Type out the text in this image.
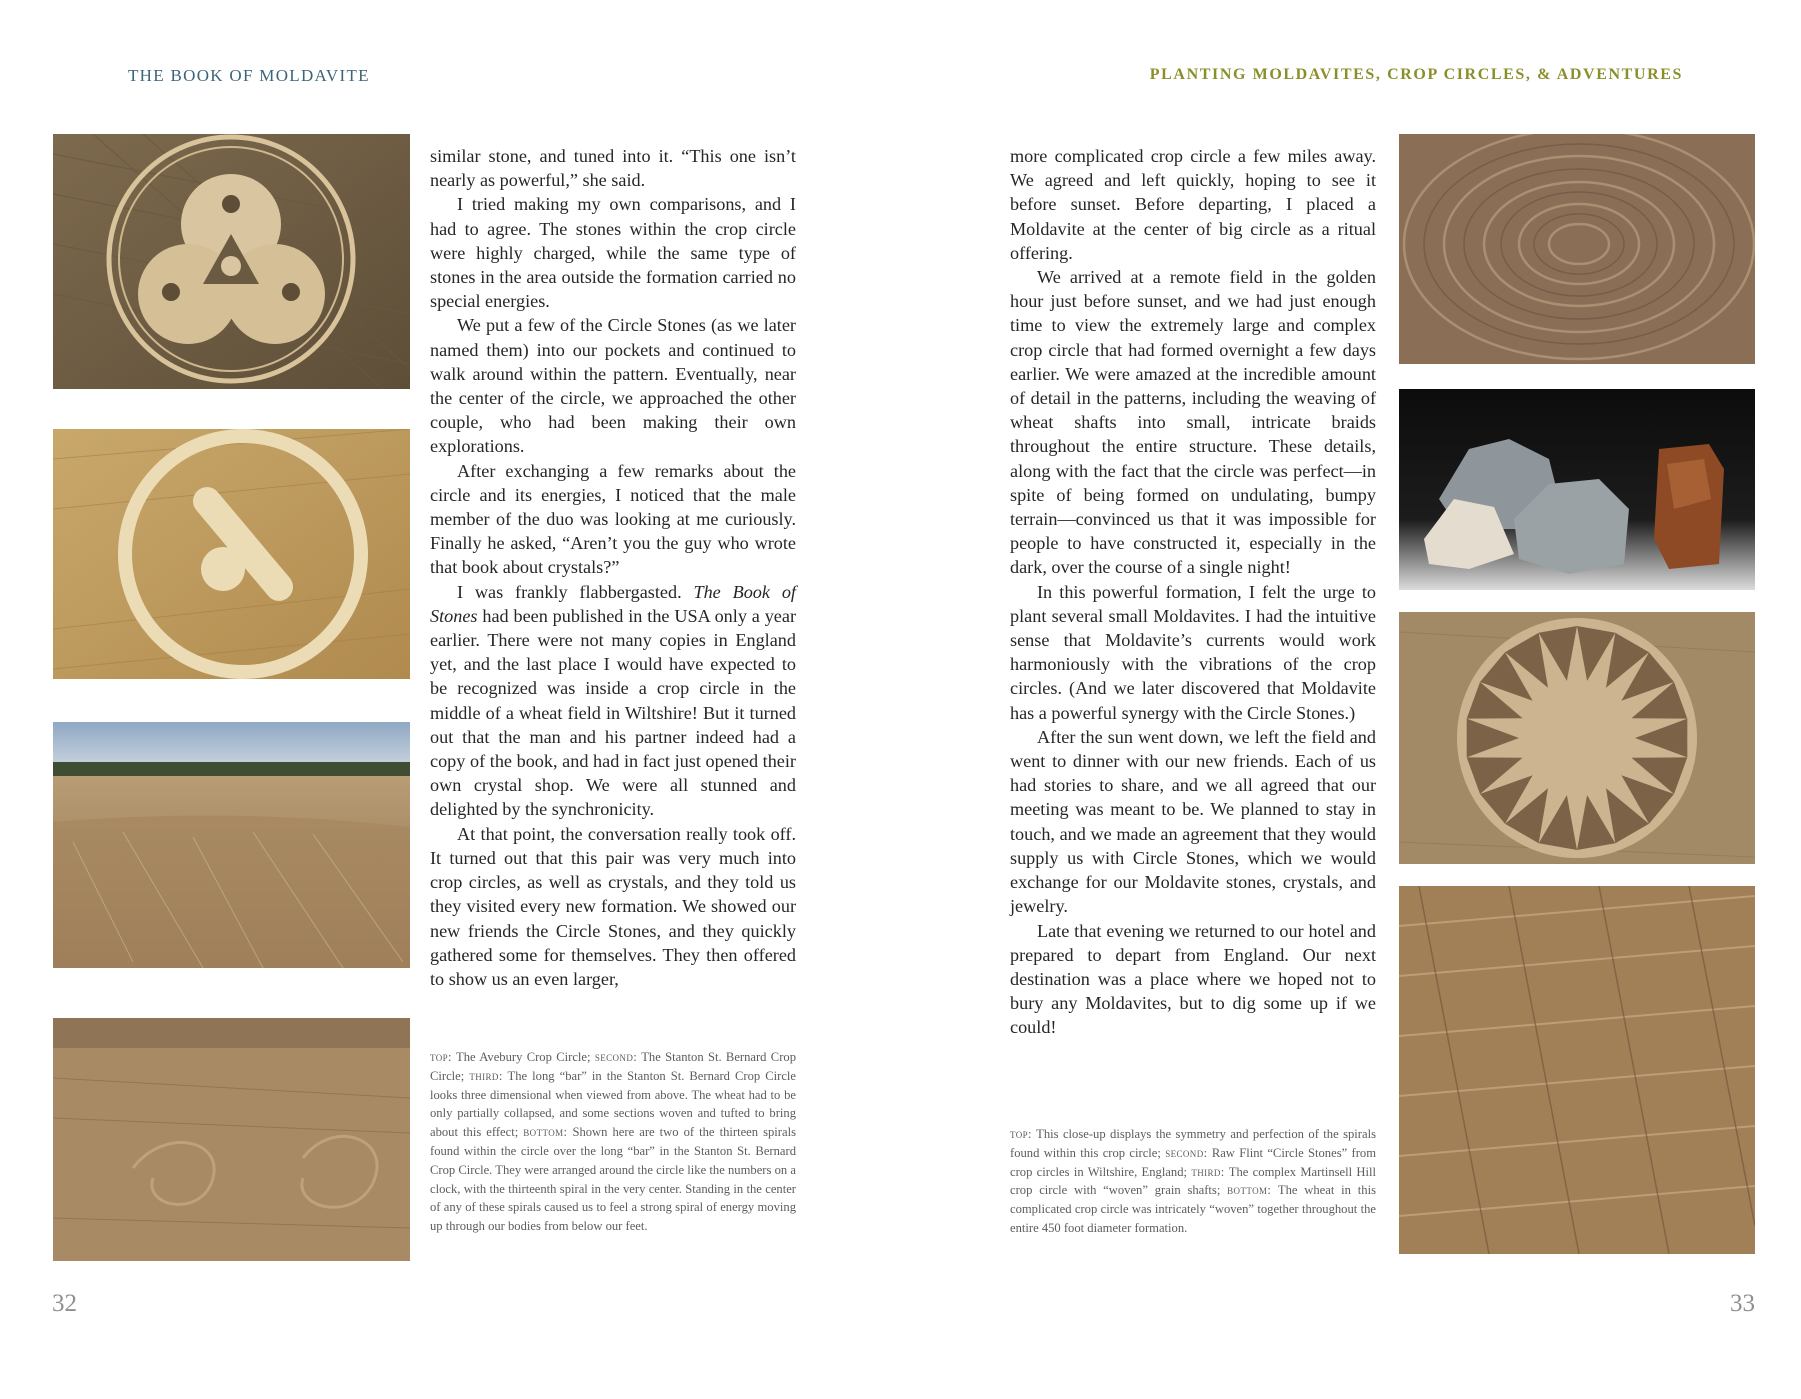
THE BOOK OF MOLDAVITE	PLANTING MOLDAVITES, CROP CIRCLES, & ADVENTURES

similar stone, and tuned into it. “This one isn’t nearly as powerful,” she said.

I tried making my own comparisons, and I had to agree. The stones within the crop circle were highly charged, while the same type of stones in the area outside the formation carried no special energies.

We put a few of the Circle Stones (as we later named them) into our pockets and continued to walk around within the pattern. Eventually, near the center of the circle, we approached the other couple, who had been making their own explorations.

After exchanging a few remarks about the circle and its energies, I noticed that the male member of the duo was looking at me curiously. Finally he asked, “Aren’t you the guy who wrote that book about crystals?”

I was frankly flabbergasted. The Book of Stones had been published in the USA only a year earlier. There were not many copies in England yet, and the last place I would have expected to be recognized was inside a crop circle in the middle of a wheat field in Wiltshire! But it turned out that the man and his partner indeed had a copy of the book, and had in fact just opened their own crystal shop. We were all stunned and delighted by the synchronicity.

At that point, the conversation really took off. It turned out that this pair was very much into crop circles, as well as crystals, and they told us they visited every new formation. We showed our new friends the Circle Stones, and they quickly gathered some for themselves. They then offered to show us an even larger,

top: The Avebury Crop Circle; second: The Stanton St. Bernard Crop Circle; third: The long “bar” in the Stanton St. Bernard Crop Circle looks three dimensional when viewed from above. The wheat had to be only partially collapsed, and some sections woven and tufted to bring about this effect; bottom: Shown here are two of the thirteen spirals found within the circle over the long “bar” in the Stanton St. Bernard Crop Circle. They were arranged around the circle like the numbers on a clock, with the thirteenth spiral in the very center. Standing in the center of any of these spirals caused us to feel a strong spiral of energy moving up through our bodies from below our feet.

more complicated crop circle a few miles away. We agreed and left quickly, hoping to see it before sunset. Before departing, I placed a Moldavite at the center of big circle as a ritual offering.

We arrived at a remote field in the golden hour just before sunset, and we had just enough time to view the extremely large and complex crop circle that had formed overnight a few days earlier. We were amazed at the incredible amount of detail in the patterns, including the weaving of wheat shafts into small, intricate braids throughout the entire structure. These details, along with the fact that the circle was perfect—in spite of being formed on undulating, bumpy terrain—convinced us that it was impossible for people to have constructed it, especially in the dark, over the course of a single night!

In this powerful formation, I felt the urge to plant several small Moldavites. I had the intuitive sense that Moldavite’s currents would work harmoniously with the vibrations of the crop circles. (And we later discovered that Moldavite has a powerful synergy with the Circle Stones.)

After the sun went down, we left the field and went to dinner with our new friends. Each of us had stories to share, and we all agreed that our meeting was meant to be. We planned to stay in touch, and we made an agreement that they would supply us with Circle Stones, which we would exchange for our Moldavite stones, crystals, and jewelry.

Late that evening we returned to our hotel and prepared to depart from England. Our next destination was a place where we hoped not to bury any Moldavites, but to dig some up if we could!

top: This close-up displays the symmetry and perfection of the spirals found within this crop circle; second: Raw Flint “Circle Stones” from crop circles in Wiltshire, England; third: The complex Martinsell Hill crop circle with “woven” grain shafts; bottom: The wheat in this complicated crop circle was intricately “woven” together throughout the entire 450 foot diameter formation.
32	33
